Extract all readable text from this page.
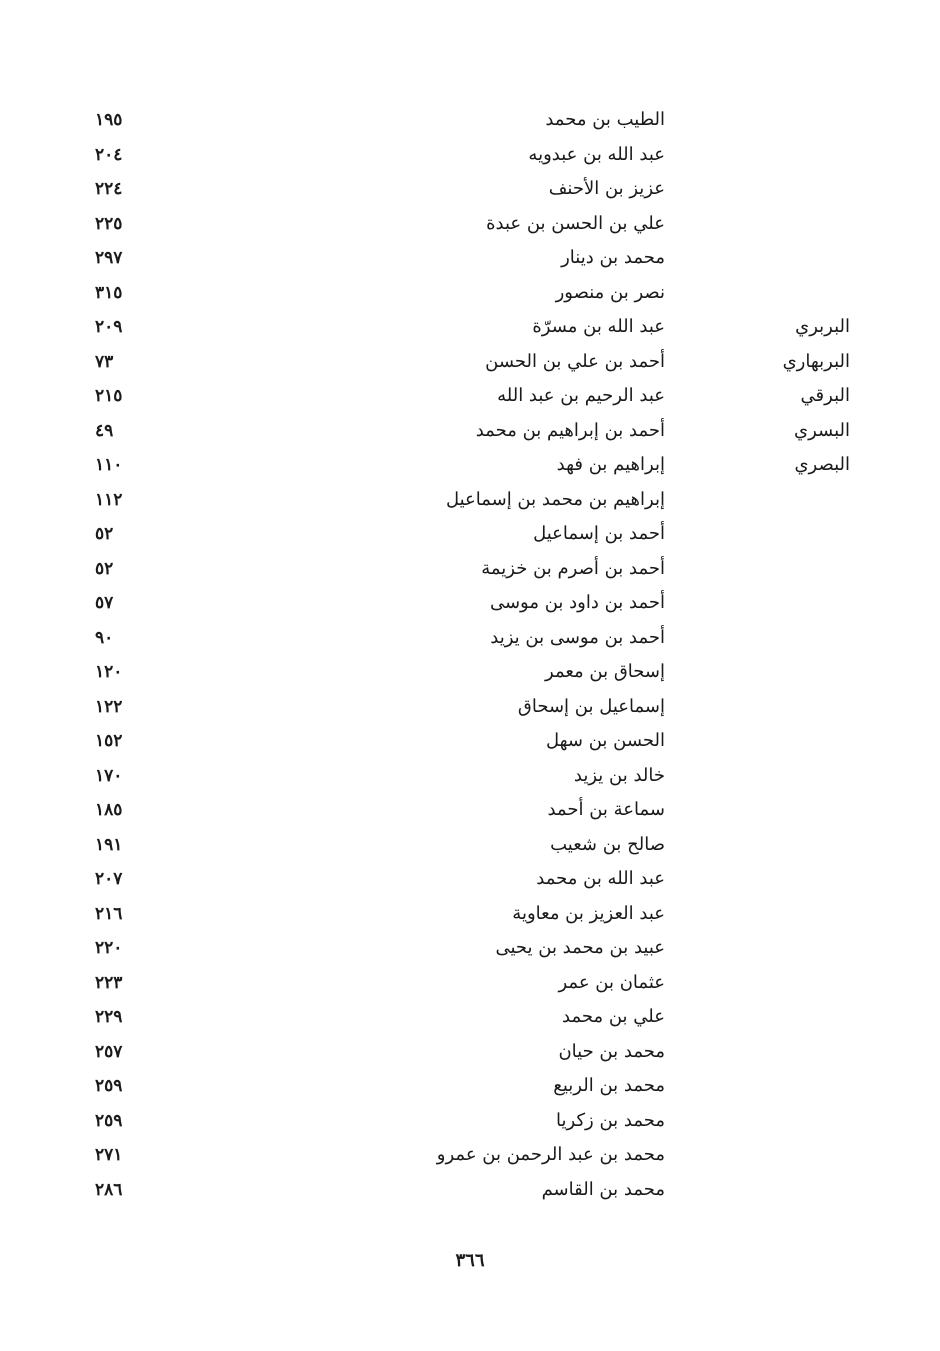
الطيب بن محمد
١٩٥
عبد الله بن عبدويه
٢٠٤
عزيز بن الأحنف
٢٢٤
علي بن الحسن بن عبدة
٢٢٥
محمد بن دينار
٢٩٧
نصر بن منصور
٣١٥
البربري
عبد الله بن مسرّة
٢٠٩
البربهاري
أحمد بن علي بن الحسن
٧٣
البرقي
عبد الرحيم بن عبد الله
٢١٥
البسري
أحمد بن إبراهيم بن محمد
٤٩
البصري
إبراهيم بن فهد
١١٠
إبراهيم بن محمد بن إسماعيل
١١٢
أحمد بن إسماعيل
٥٢
أحمد بن أصرم بن خزيمة
٥٢
أحمد بن داود بن موسى
٥٧
أحمد بن موسى بن يزيد
٩٠
إسحاق بن معمر
١٢٠
إسماعيل بن إسحاق
١٢٢
الحسن بن سهل
١٥٢
خالد بن يزيد
١٧٠
سماعة بن أحمد
١٨٥
صالح بن شعيب
١٩١
عبد الله بن محمد
٢٠٧
عبد العزيز بن معاوية
٢١٦
عبيد بن محمد بن يحيى
٢٢٠
عثمان بن عمر
٢٢٣
علي بن محمد
٢٢٩
محمد بن حيان
٢٥٧
محمد بن الربيع
٢٥٩
محمد بن زكريا
٢٥٩
محمد بن عبد الرحمن بن عمرو
٢٧١
محمد بن القاسم
٢٨٦
٣٦٦
